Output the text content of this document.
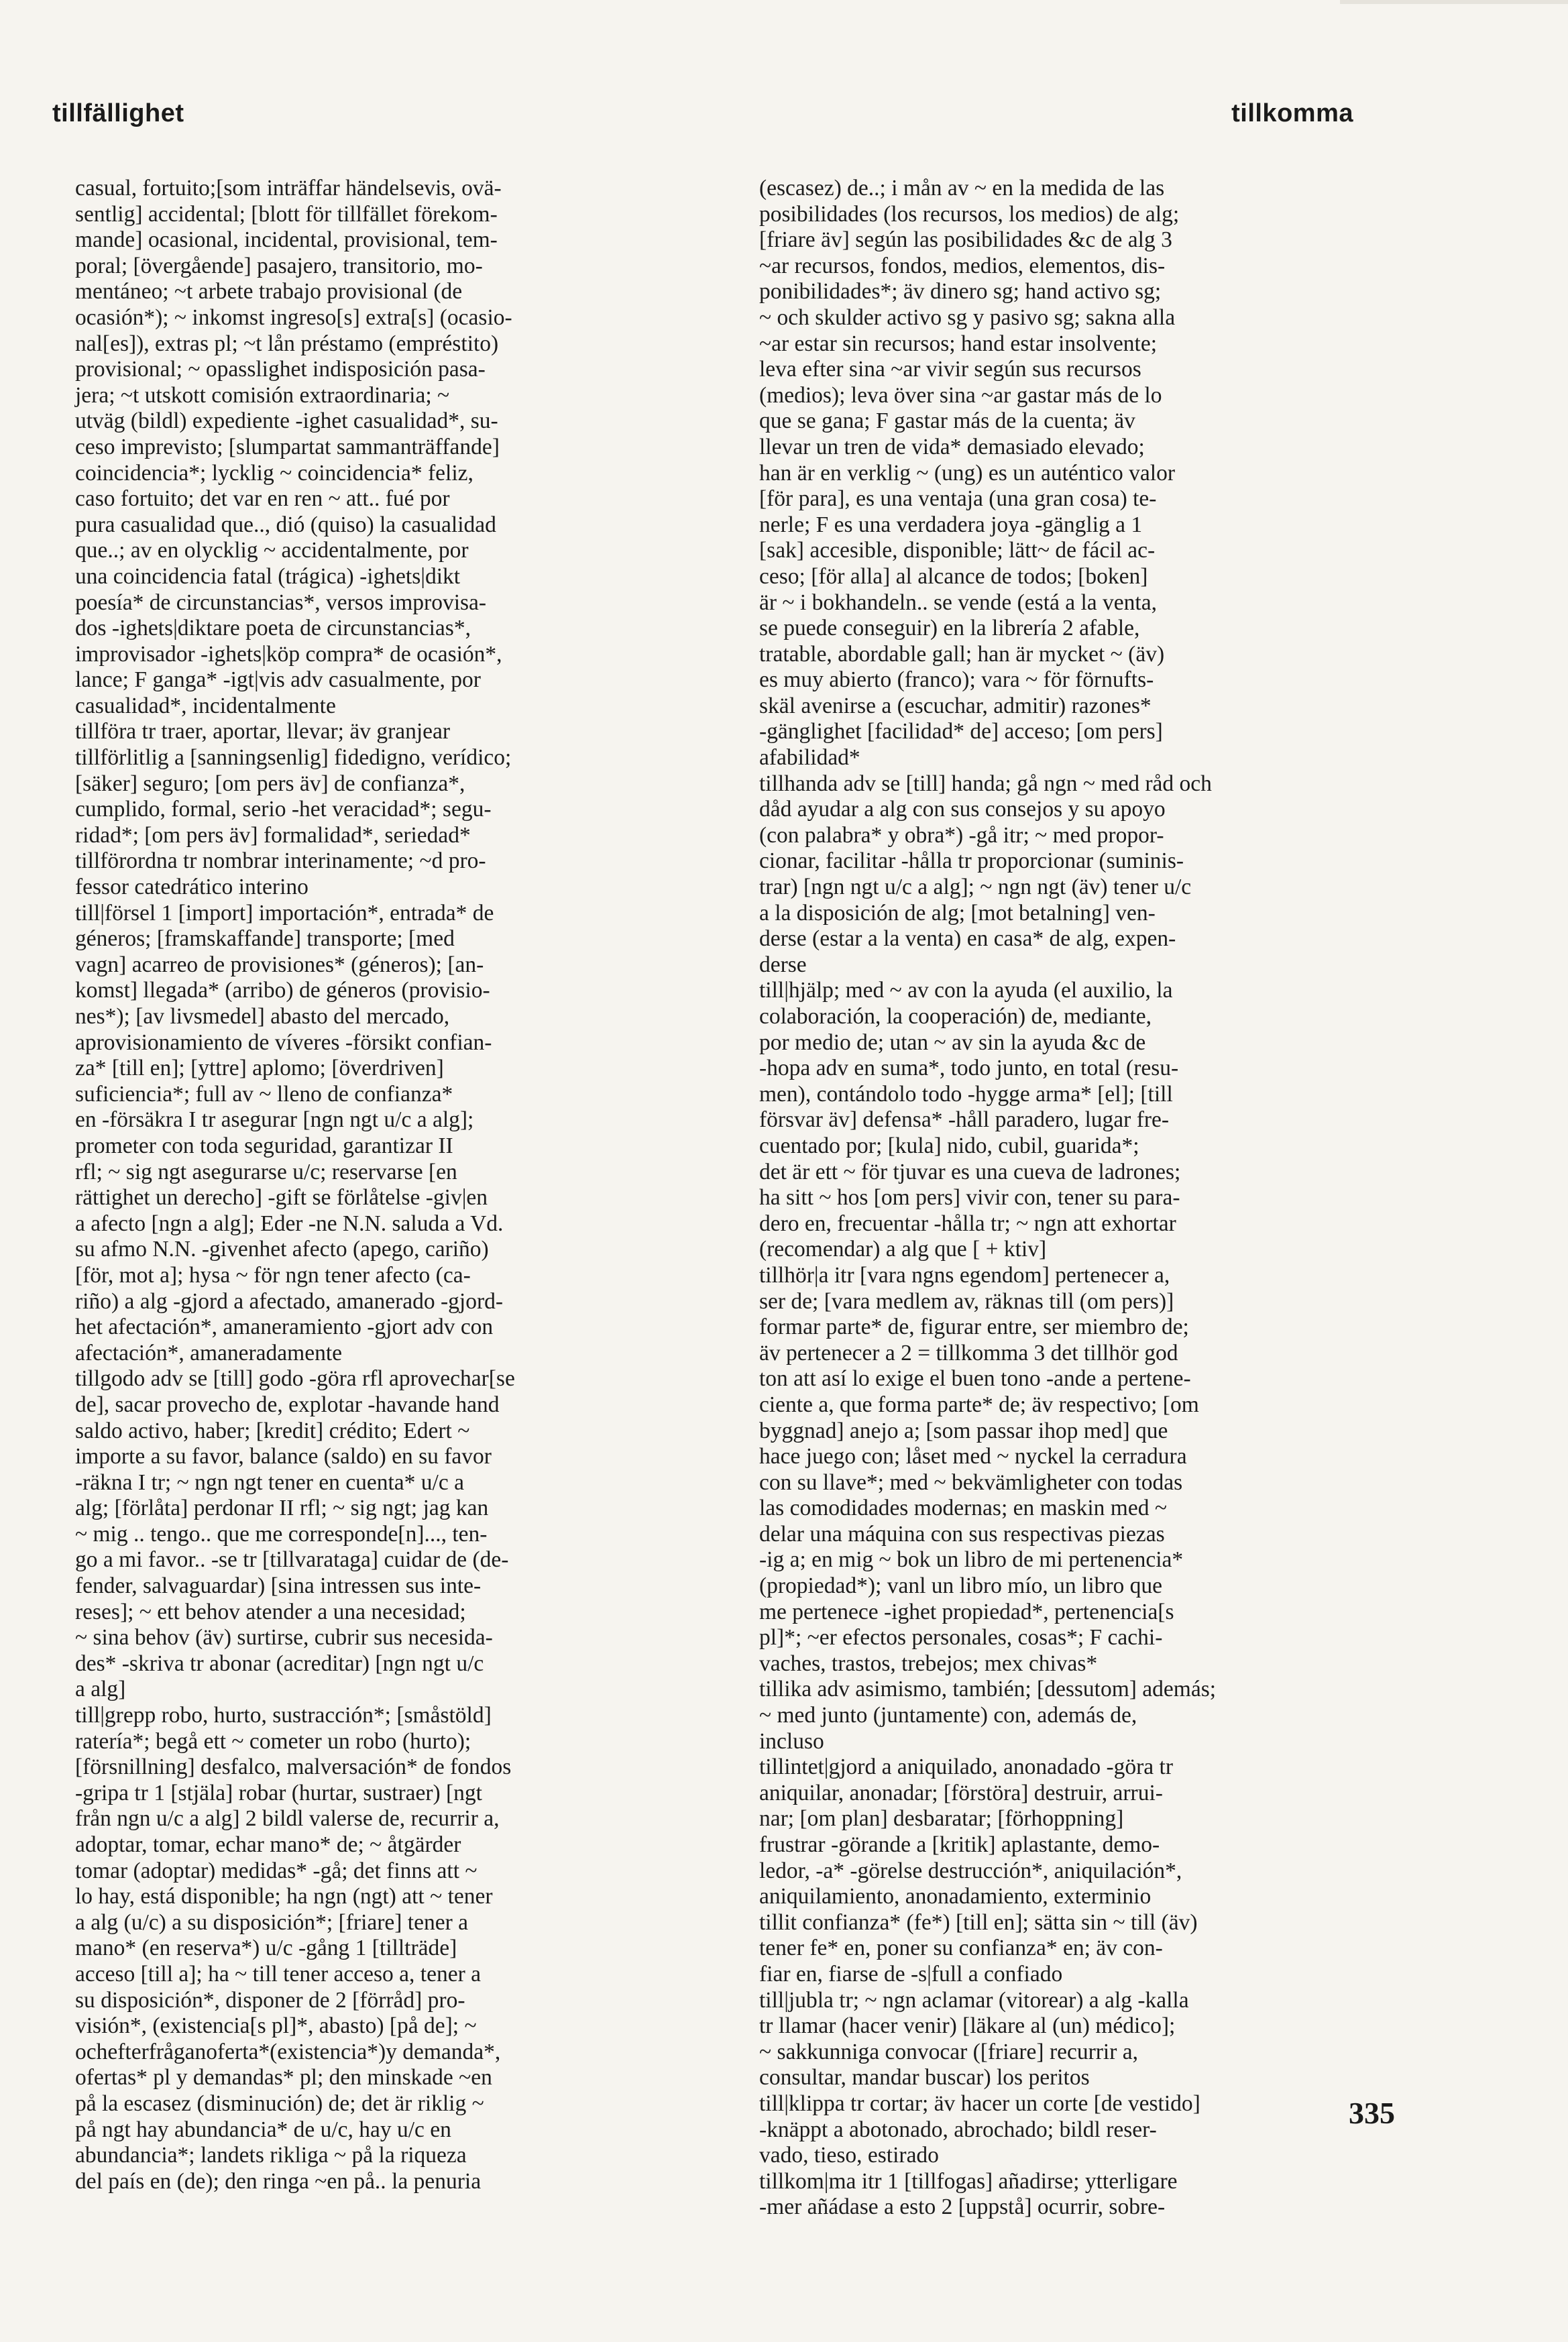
tillfällighet	tillkomma
casual, fortuito;[som inträffar händelsevis, ovä-
sentlig] accidental; [blott för tillfället förekom-
mande] ocasional, incidental, provisional, tem-
poral; [övergående] pasajero, transitorio, mo-
mentáneo; ~t arbete trabajo provisional (de
ocasión*); ~ inkomst ingreso[s] extra[s] (ocasio-
nal[es]), extras pl; ~t lån préstamo (empréstito)
provisional; ~ opasslighet indisposición pasa-
jera; ~t utskott comisión extraordinaria; ~
utväg (bildl) expediente -ighet casualidad*, su-
ceso imprevisto; [slumpartat sammanträffande]
coincidencia*; lycklig ~ coincidencia* feliz,
caso fortuito; det var en ren ~ att.. fué por
pura casualidad que.., dió (quiso) la casualidad
que..; av en olycklig ~ accidentalmente, por
una coincidencia fatal (trágica) -ighets|dikt
poesía* de circunstancias*, versos improvisa-
dos -ighets|diktare poeta de circunstancias*,
improvisador -ighets|köp compra* de ocasión*,
lance; F ganga* -igt|vis adv casualmente, por
casualidad*, incidentalmente
tillföra tr traer, aportar, llevar; äv granjear
tillförlitlig a [sanningsenlig] fidedigno, verídico;
[säker] seguro; [om pers äv] de confianza*,
cumplido, formal, serio -het veracidad*; segu-
ridad*; [om pers äv] formalidad*, seriedad*
tillförordna tr nombrar interinamente; ~d pro-
fessor catedrático interino
till|försel 1 [import] importación*, entrada* de
géneros; [framskaffande] transporte; [med
vagn] acarreo de provisiones* (géneros); [an-
komst] llegada* (arribo) de géneros (provisio-
nes*); [av livsmedel] abasto del mercado,
aprovisionamiento de víveres -försikt confian-
za* [till en]; [yttre] aplomo; [överdriven]
suficiencia*; full av ~ lleno de confianza*
en -försäkra I tr asegurar [ngn ngt u/c a alg];
prometer con toda seguridad, garantizar II
rfl; ~ sig ngt asegurarse u/c; reservarse [en
rättighet un derecho] -gift se förlåtelse -giv|en
a afecto [ngn a alg]; Eder -ne N.N. saluda a Vd.
su afmo N.N. -givenhet afecto (apego, cariño)
[för, mot a]; hysa ~ för ngn tener afecto (ca-
riño) a alg -gjord a afectado, amanerado -gjord-
het afectación*, amaneramiento -gjort adv con
afectación*, amaneradamente
tillgodo adv se [till] godo -göra rfl aprovechar[se
de], sacar provecho de, explotar -havande hand
saldo activo, haber; [kredit] crédito; Edert ~
importe a su favor, balance (saldo) en su favor
-räkna I tr; ~ ngn ngt tener en cuenta* u/c a
alg; [förlåta] perdonar II rfl; ~ sig ngt; jag kan
~ mig .. tengo.. que me corresponde[n]..., ten-
go a mi favor.. -se tr [tillvarataga] cuidar de (de-
fender, salvaguardar) [sina intressen sus inte-
reses]; ~ ett behov atender a una necesidad;
~ sina behov (äv) surtirse, cubrir sus necesida-
des* -skriva tr abonar (acreditar) [ngn ngt u/c
a alg]
till|grepp robo, hurto, sustracción*; [småstöld]
ratería*; begå ett ~ cometer un robo (hurto);
[försnillning] desfalco, malversación* de fondos
-gripa tr 1 [stjäla] robar (hurtar, sustraer) [ngt
från ngn u/c a alg] 2 bildl valerse de, recurrir a,
adoptar, tomar, echar mano* de; ~ åtgärder
tomar (adoptar) medidas* -gå; det finns att ~
lo hay, está disponible; ha ngn (ngt) att ~ tener
a alg (u/c) a su disposición*; [friare] tener a
mano* (en reserva*) u/c -gång 1 [tillträde]
acceso [till a]; ha ~ till tener acceso a, tener a
su disposición*, disponer de 2 [förråd] pro-
visión*, (existencia[s pl]*, abasto) [på de]; ~
ochefterfråganoferta*(existencia*)y demanda*,
ofertas* pl y demandas* pl; den minskade ~en
på la escasez (disminución) de; det är riklig ~
på ngt hay abundancia* de u/c, hay u/c en
abundancia*; landets rikliga ~ på la riqueza
del país en (de); den ringa ~en på.. la penuria
(escasez) de..; i mån av ~ en la medida de las
posibilidades (los recursos, los medios) de alg;
[friare äv] según las posibilidades &c de alg 3
~ar recursos, fondos, medios, elementos, dis-
ponibilidades*; äv dinero sg; hand activo sg;
~ och skulder activo sg y pasivo sg; sakna alla
~ar estar sin recursos; hand estar insolvente;
leva efter sina ~ar vivir según sus recursos
(medios); leva över sina ~ar gastar más de lo
que se gana; F gastar más de la cuenta; äv
llevar un tren de vida* demasiado elevado;
han är en verklig ~ (ung) es un auténtico valor
[för para], es una ventaja (una gran cosa) te-
nerle; F es una verdadera joya -gänglig a 1
[sak] accesible, disponible; lätt~ de fácil ac-
ceso; [för alla] al alcance de todos; [boken]
är ~ i bokhandeln.. se vende (está a la venta,
se puede conseguir) en la librería 2 afable,
tratable, abordable gall; han är mycket ~ (äv)
es muy abierto (franco); vara ~ för förnufts-
skäl avenirse a (escuchar, admitir) razones*
-gänglighet [facilidad* de] acceso; [om pers]
afabilidad*
tillhanda adv se [till] handa; gå ngn ~ med råd och
dåd ayudar a alg con sus consejos y su apoyo
(con palabra* y obra*) -gå itr; ~ med propor-
cionar, facilitar -hålla tr proporcionar (suminis-
trar) [ngn ngt u/c a alg]; ~ ngn ngt (äv) tener u/c
a la disposición de alg; [mot betalning] ven-
derse (estar a la venta) en casa* de alg, expen-
derse
till|hjälp; med ~ av con la ayuda (el auxilio, la
colaboración, la cooperación) de, mediante,
por medio de; utan ~ av sin la ayuda &c de
-hopa adv en suma*, todo junto, en total (resu-
men), contándolo todo -hygge arma* [el]; [till
försvar äv] defensa* -håll paradero, lugar fre-
cuentado por; [kula] nido, cubil, guarida*;
det är ett ~ för tjuvar es una cueva de ladrones;
ha sitt ~ hos [om pers] vivir con, tener su para-
dero en, frecuentar -hålla tr; ~ ngn att exhortar
(recomendar) a alg que [ + ktiv]
tillhör|a itr [vara ngns egendom] pertenecer a,
ser de; [vara medlem av, räknas till (om pers)]
formar parte* de, figurar entre, ser miembro de;
äv pertenecer a 2 = tillkomma 3 det tillhör god
ton att así lo exige el buen tono -ande a pertene-
ciente a, que forma parte* de; äv respectivo; [om
byggnad] anejo a; [som passar ihop med] que
hace juego con; låset med ~ nyckel la cerradura
con su llave*; med ~ bekvämligheter con todas
las comodidades modernas; en maskin med ~
delar una máquina con sus respectivas piezas
-ig a; en mig ~ bok un libro de mi pertenencia*
(propiedad*); vanl un libro mío, un libro que
me pertenece -ighet propiedad*, pertenencia[s
pl]*; ~er efectos personales, cosas*; F cachi-
vaches, trastos, trebejos; mex chivas*
tillika adv asimismo, también; [dessutom] además;
~ med junto (juntamente) con, además de,
incluso
tillintet|gjord a aniquilado, anonadado -göra tr
aniquilar, anonadar; [förstöra] destruir, arrui-
nar; [om plan] desbaratar; [förhoppning]
frustrar -görande a [kritik] aplastante, demo-
ledor, -a* -görelse destrucción*, aniquilación*,
aniquilamiento, anonadamiento, exterminio
tillit confianza* (fe*) [till en]; sätta sin ~ till (äv)
tener fe* en, poner su confianza* en; äv con-
fiar en, fiarse de -s|full a confiado
till|jubla tr; ~ ngn aclamar (vitorear) a alg -kalla
tr llamar (hacer venir) [läkare al (un) médico];
~ sakkunniga convocar ([friare] recurrir a,
consultar, mandar buscar) los peritos
till|klippa tr cortar; äv hacer un corte [de vestido]
-knäppt a abotonado, abrochado; bildl reser-
vado, tieso, estirado
tillkom|ma itr 1 [tillfogas] añadirse; ytterligare
-mer añádase a esto 2 [uppstå] ocurrir, sobre-
335
